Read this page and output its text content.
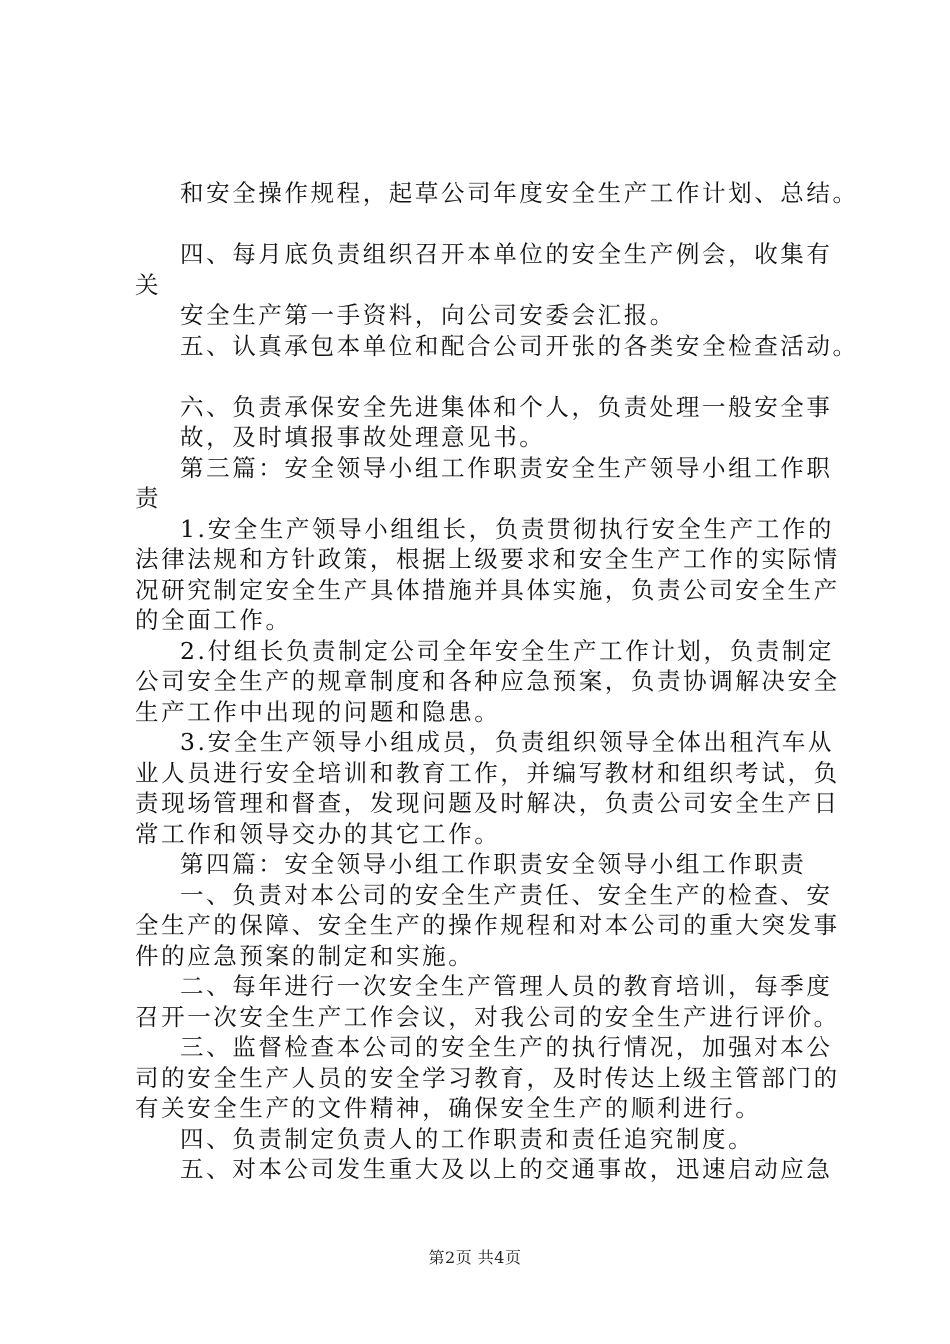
和安全操作规程，起草公司年度安全生产工作计划、总结。
四、每月底负责组织召开本单位的安全生产例会，收集有
关
安全生产第一手资料，向公司安委会汇报。
五、认真承包本单位和配合公司开张的各类安全检查活动。
六、负责承保安全先进集体和个人，负责处理一般安全事
故，及时填报事故处理意见书。
第三篇：安全领导小组工作职责安全生产领导小组工作职
责
1.安全生产领导小组组长，负责贯彻执行安全生产工作的
法律法规和方针政策，根据上级要求和安全生产工作的实际情
况研究制定安全生产具体措施并具体实施，负责公司安全生产
的全面工作。
2.付组长负责制定公司全年安全生产工作计划，负责制定
公司安全生产的规章制度和各种应急预案，负责协调解决安全
生产工作中出现的问题和隐患。
3.安全生产领导小组成员，负责组织领导全体出租汽车从
业人员进行安全培训和教育工作，并编写教材和组织考试，负
责现场管理和督查，发现问题及时解决，负责公司安全生产日
常工作和领导交办的其它工作。
第四篇：安全领导小组工作职责安全领导小组工作职责
一、负责对本公司的安全生产责任、安全生产的检查、安
全生产的保障、安全生产的操作规程和对本公司的重大突发事
件的应急预案的制定和实施。
二、每年进行一次安全生产管理人员的教育培训，每季度
召开一次安全生产工作会议，对我公司的安全生产进行评价。
三、监督检查本公司的安全生产的执行情况，加强对本公
司的安全生产人员的安全学习教育，及时传达上级主管部门的
有关安全生产的文件精神，确保安全生产的顺利进行。
四、负责制定负责人的工作职责和责任追究制度。
五、对本公司发生重大及以上的交通事故，迅速启动应急
第2页 共4页
